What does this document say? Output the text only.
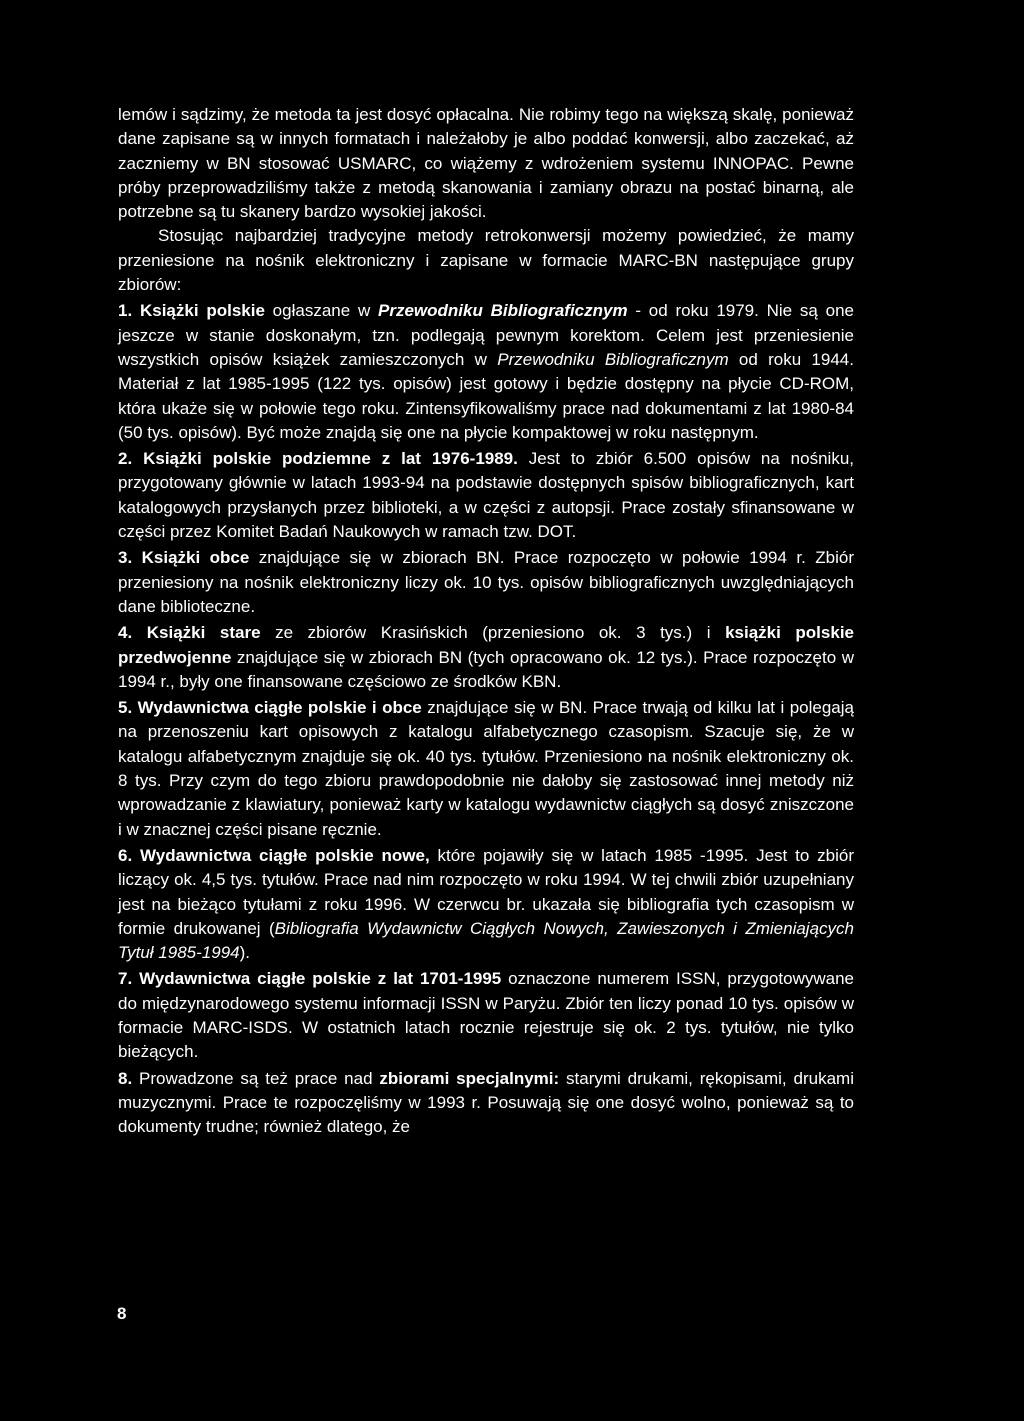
lemów i sądzimy, że metoda ta jest dosyć opłacalna. Nie robimy tego na większą skalę, ponieważ dane zapisane są w innych formatach i należałoby je albo poddać konwersji, albo zaczekać, aż zaczniemy w BN stosować USMARC, co wiążemy z wdrożeniem systemu INNOPAC. Pewne próby przeprowadziliśmy także z metodą skanowania i zamiany obrazu na postać binarną, ale potrzebne są tu skanery bardzo wysokiej jakości.

Stosując najbardziej tradycyjne metody retrokonwersji możemy powiedzieć, że mamy przeniesione na nośnik elektroniczny i zapisane w formacie MARC-BN następujące grupy zbiorów:

1. Książki polskie ogłaszane w Przewodniku Bibliograficznym - od roku 1979. Nie są one jeszcze w stanie doskonałym, tzn. podlegają pewnym korektom. Celem jest przeniesienie wszystkich opisów książek zamieszczonych w Przewodniku Bibliograficznym od roku 1944. Materiał z lat 1985-1995 (122 tys. opisów) jest gotowy i będzie dostępny na płycie CD-ROM, która ukaże się w połowie tego roku. Zintensyfikowaliśmy prace nad dokumentami z lat 1980-84 (50 tys. opisów). Być może znajdą się one na płycie kompaktowej w roku następnym.

2. Książki polskie podziemne z lat 1976-1989. Jest to zbiór 6.500 opisów na nośniku, przygotowany głównie w latach 1993-94 na podstawie dostępnych spisów bibliograficznych, kart katalogowych przysłanych przez biblioteki, a w części z autopsji. Prace zostały sfinansowane w części przez Komitet Badań Naukowych w ramach tzw. DOT.

3. Książki obce znajdujące się w zbiorach BN. Prace rozpoczęto w połowie 1994 r. Zbiór przeniesiony na nośnik elektroniczny liczy ok. 10 tys. opisów bibliograficznych uwzględniających dane biblioteczne.

4. Książki stare ze zbiorów Krasińskich (przeniesiono ok. 3 tys.) i książki polskie przedwojenne znajdujące się w zbiorach BN (tych opracowano ok. 12 tys.). Prace rozpoczęto w 1994 r., były one finansowane częściowo ze środków KBN.

5. Wydawnictwa ciągłe polskie i obce znajdujące się w BN. Prace trwają od kilku lat i polegają na przenoszeniu kart opisowych z katalogu alfabetycznego czasopism. Szacuje się, że w katalogu alfabetycznym znajduje się ok. 40 tys. tytułów. Przeniesiono na nośnik elektroniczny ok. 8 tys. Przy czym do tego zbioru prawdopodobnie nie dałoby się zastosować innej metody niż wprowadzanie z klawiatury, ponieważ karty w katalogu wydawnictw ciągłych są dosyć zniszczone i w znacznej części pisane ręcznie.

6. Wydawnictwa ciągłe polskie nowe, które pojawiły się w latach 1985 -1995. Jest to zbiór liczący ok. 4,5 tys. tytułów. Prace nad nim rozpoczęto w roku 1994. W tej chwili zbiór uzupełniany jest na bieżąco tytułami z roku 1996. W czerwcu br. ukazała się bibliografia tych czasopism w formie drukowanej (Bibliografia Wydawnictw Ciągłych Nowych, Zawieszonych i Zmieniających Tytuł 1985-1994).

7. Wydawnictwa ciągłe polskie z lat 1701-1995 oznaczone numerem ISSN, przygotowywane do międzynarodowego systemu informacji ISSN w Paryżu. Zbiór ten liczy ponad 10 tys. opisów w formacie MARC-ISDS. W ostatnich latach rocznie rejestruje się ok. 2 tys. tytułów, nie tylko bieżących.

8. Prowadzone są też prace nad zbiorami specjalnymi: starymi drukami, rękopisami, drukami muzycznymi. Prace te rozpoczęliśmy w 1993 r. Posuwają się one dosyć wolno, ponieważ są to dokumenty trudne; również dlatego, że

8
